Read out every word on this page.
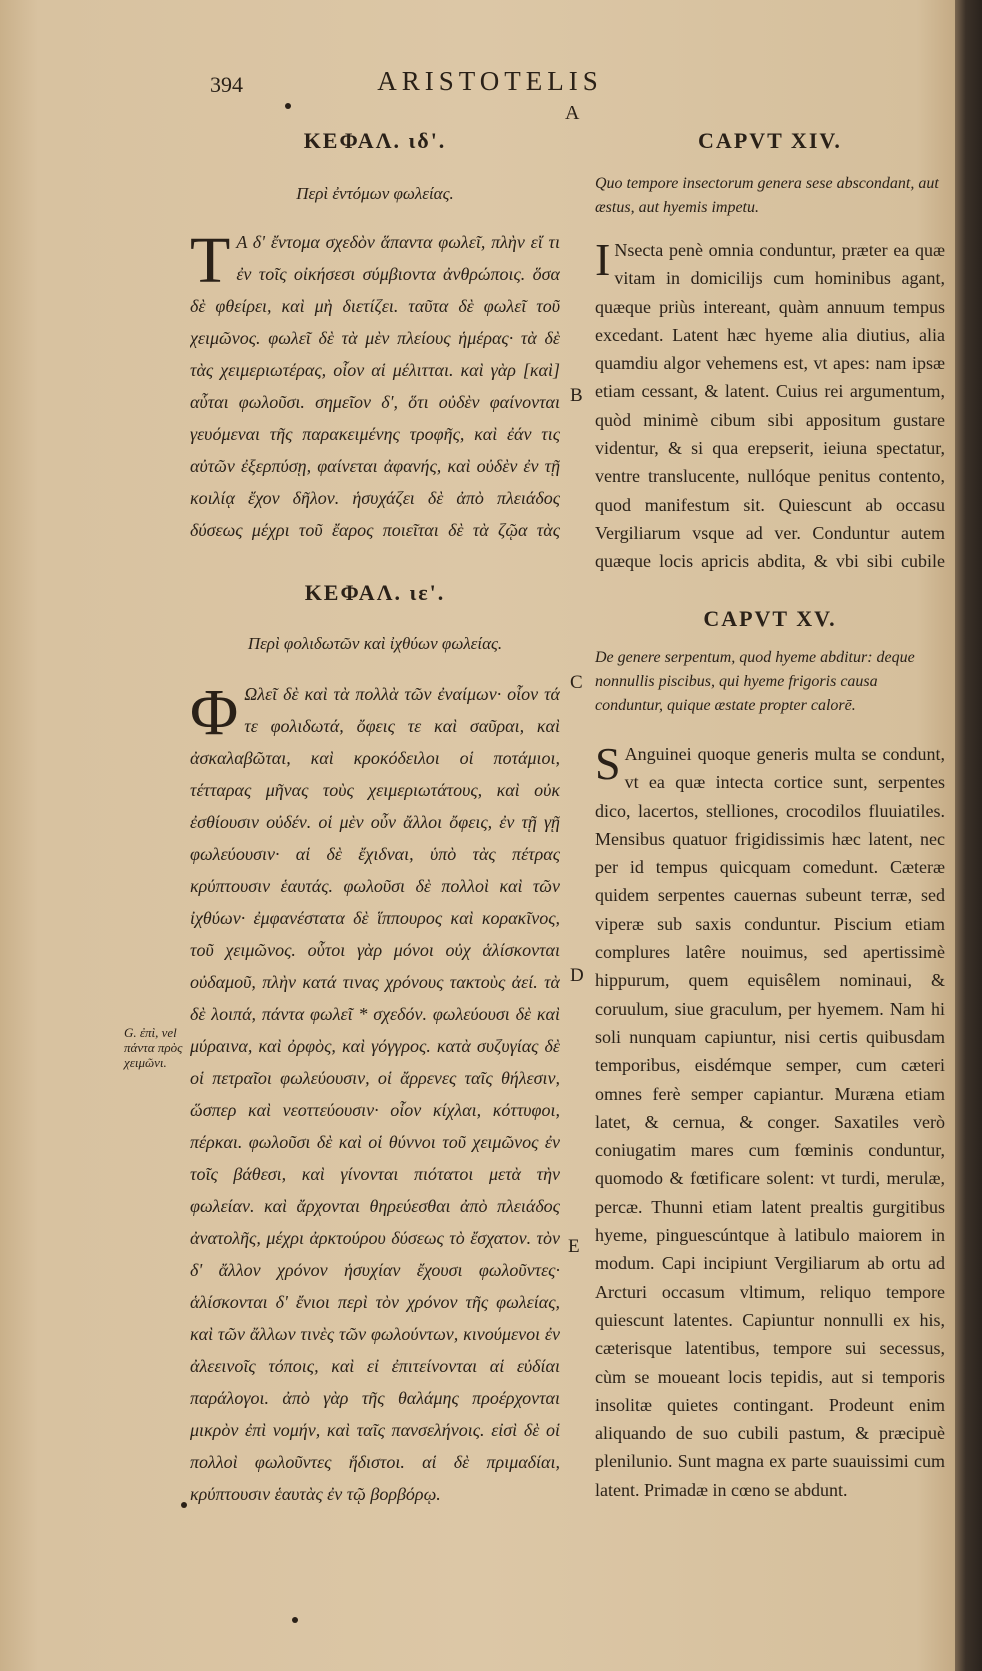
394	ARISTOTELIS
A
ΚΕΦΑΛ. ιδ'.

Περὶ ἐντόμων φωλείας.

Τ Α δ' ἔντομα σχεδὸν ἅπαντα φωλεῖ, πλὴν εἴ τι ἐν τοῖς οἰκήσεσι σύμβιοντα ἀνθρώποις. ὅσα δὲ φθείρει, καὶ μὴ διετίζει. ταῦτα δὲ φωλεῖ τοῦ χειμῶνος. φωλεῖ δὲ τὰ μὲν πλείους ἡμέρας· τὰ δὲ τὰς χειμεριωτέρας, οἷον αἱ μέλιτται. καὶ γὰρ [καὶ] αὗται φωλοῦσι. σημεῖον δ', ὅτι οὐδὲν φαίνονται γευόμεναι τῆς παρακειμένης τροφῆς, καὶ ἐάν τις αὐτῶν ἐξερπύσῃ, φαίνεται ἀφανής, καὶ οὐδὲν ἐν τῇ κοιλίᾳ ἔχον δῆλον. ἡσυχάζει δὲ ἀπὸ πλειάδος δύσεως μέχρι τοῦ ἔαρος ποιεῖται δὲ τὰ ζῷα τὰς

ΚΕΦΑΛ. ιε'.

Περὶ φολιδωτῶν καὶ ἰχθύων φωλείας.

Φ Ωλεῖ δὲ καὶ τὰ πολλὰ τῶν ἐναίμων· οἷον τά τε φολιδωτά, ὄφεις τε καὶ σαῦραι, καὶ ἀσκαλαβῶται, καὶ κροκόδειλοι οἱ ποτάμιοι, τέτταρας μῆνας τοὺς χειμεριωτάτους, καὶ οὐκ ἐσθίουσιν οὐδέν. οἱ μὲν οὖν ἄλλοι ὄφεις, ἐν τῇ γῇ φωλεύουσιν· αἱ δὲ ἔχιδναι, ὑπὸ τὰς πέτρας κρύπτουσιν ἑαυτάς. φωλοῦσι δὲ πολλοὶ καὶ τῶν ἰχθύων· ἐμφανέστατα δὲ ἵππουρος καὶ κορακῖνος, τοῦ χειμῶνος. οὗτοι γὰρ μόνοι οὐχ ἁλίσκονται οὐδαμοῦ, πλὴν κατά τινας χρόνους τακτοὺς ἀεί. τὰ δὲ λοιπά, πάντα φωλεῖ * σχεδόν. φωλεύουσι δὲ καὶ μύραινα, καὶ ὀρφὸς, καὶ γόγγρος. κατὰ συζυγίας δὲ οἱ πετραῖοι φωλεύουσιν, οἱ ἄρρενες ταῖς θήλεσιν, ὥσπερ καὶ νεοττεύουσιν· οἷον κίχλαι, κόττυφοι, πέρκαι. φωλοῦσι δὲ καὶ οἱ θύννοι τοῦ χειμῶνος ἐν τοῖς βάθεσι, καὶ γίνονται πιότατοι μετὰ τὴν φωλείαν. καὶ ἄρχονται θηρεύεσθαι ἀπὸ πλειάδος ἀνατολῆς, μέχρι ἀρκτούρου δύσεως τὸ ἔσχατον. τὸν δ' ἄλλον χρόνον ἡσυχίαν ἔχουσι φωλοῦντες· ἁλίσκονται δ' ἔνιοι περὶ τὸν χρόνον τῆς φωλείας, καὶ τῶν ἄλλων τινὲς τῶν φωλούντων, κινούμενοι ἐν ἀλεεινοῖς τόποις, καὶ εἰ ἐπιτείνονται αἱ εὐδίαι παράλογοι. ἀπὸ γὰρ τῆς θαλάμης προέρχονται μικρὸν ἐπὶ νομήν, καὶ ταῖς πανσελήνοις. εἰσὶ δὲ οἱ πολλοὶ φωλοῦντες ἥδιστοι. αἱ δὲ πριμαδίαι, κρύπτουσιν ἑαυτὰς ἐν τῷ βορβόρῳ.

CAPVT XIV.

Quo tempore insectorum genera sese abscondant, aut æstus, aut hyemis impetu.

I Nsecta penè omnia conduntur, præter ea quæ vitam in domicilijs cum hominibus agant, quæque priùs intereant, quàm annuum tempus excedant. Latent hæc hyeme alia diutius, alia quamdiu algor vehemens est, vt apes: nam ipsæ etiam cessant, & latent. Cuius rei argumentum, quòd minimè cibum sibi appositum gustare videntur, & si qua erepserit, ieiuna spectatur, ventre translucente, nullóque penitus contento, quod manifestum sit. Quiescunt ab occasu Vergiliarum vsque ad ver. Conduntur autem quæque locis apricis abdita, & vbi sibi cubile

CAPVT XV.

De genere serpentum, quod hyeme abditur: deque nonnullis piscibus, qui hyeme frigoris causa conduntur, quique æstate propter calorē.

S Anguinei quoque generis multa se condunt, vt ea quæ intecta cortice sunt, serpentes dico, lacertos, stelliones, crocodilos fluuiatiles. Mensibus quatuor frigidissimis hæc latent, nec per id tempus quicquam comedunt. Cæteræ quidem serpentes cauernas subeunt terræ, sed viperæ sub saxis conduntur. Piscium etiam complures latêre nouimus, sed apertissimè hippurum, quem equisêlem nominaui, & coruulum, siue graculum, per hyemem. Nam hi soli nunquam capiuntur, nisi certis quibusdam temporibus, eisdémque semper, cum cæteri omnes ferè semper capiantur. Muræna etiam latet, & cernua, & conger. Saxatiles verò coniugatim mares cum fœminis conduntur, quomodo & fœtificare solent: vt turdi, merulæ, percæ. Thunni etiam latent prealtis gurgitibus hyeme, pinguescúntque à latibulo maiorem in modum. Capi incipiunt Vergiliarum ab ortu ad Arcturi occasum vltimum, reliquo tempore quiescunt latentes. Capiuntur nonnulli ex his, cæterisque latentibus, tempore sui secessus, cùm se moueant locis tepidis, aut si temporis insolitæ quietes contingant. Prodeunt enim aliquando de suo cubili pastum, & præcipuè plenilunio. Sunt magna ex parte suauissimi cum latent. Primadæ in cœno se abdunt.

B
C
D
E
G. ἐπὶ, vel πάντα πρὸς χειμῶνι.
